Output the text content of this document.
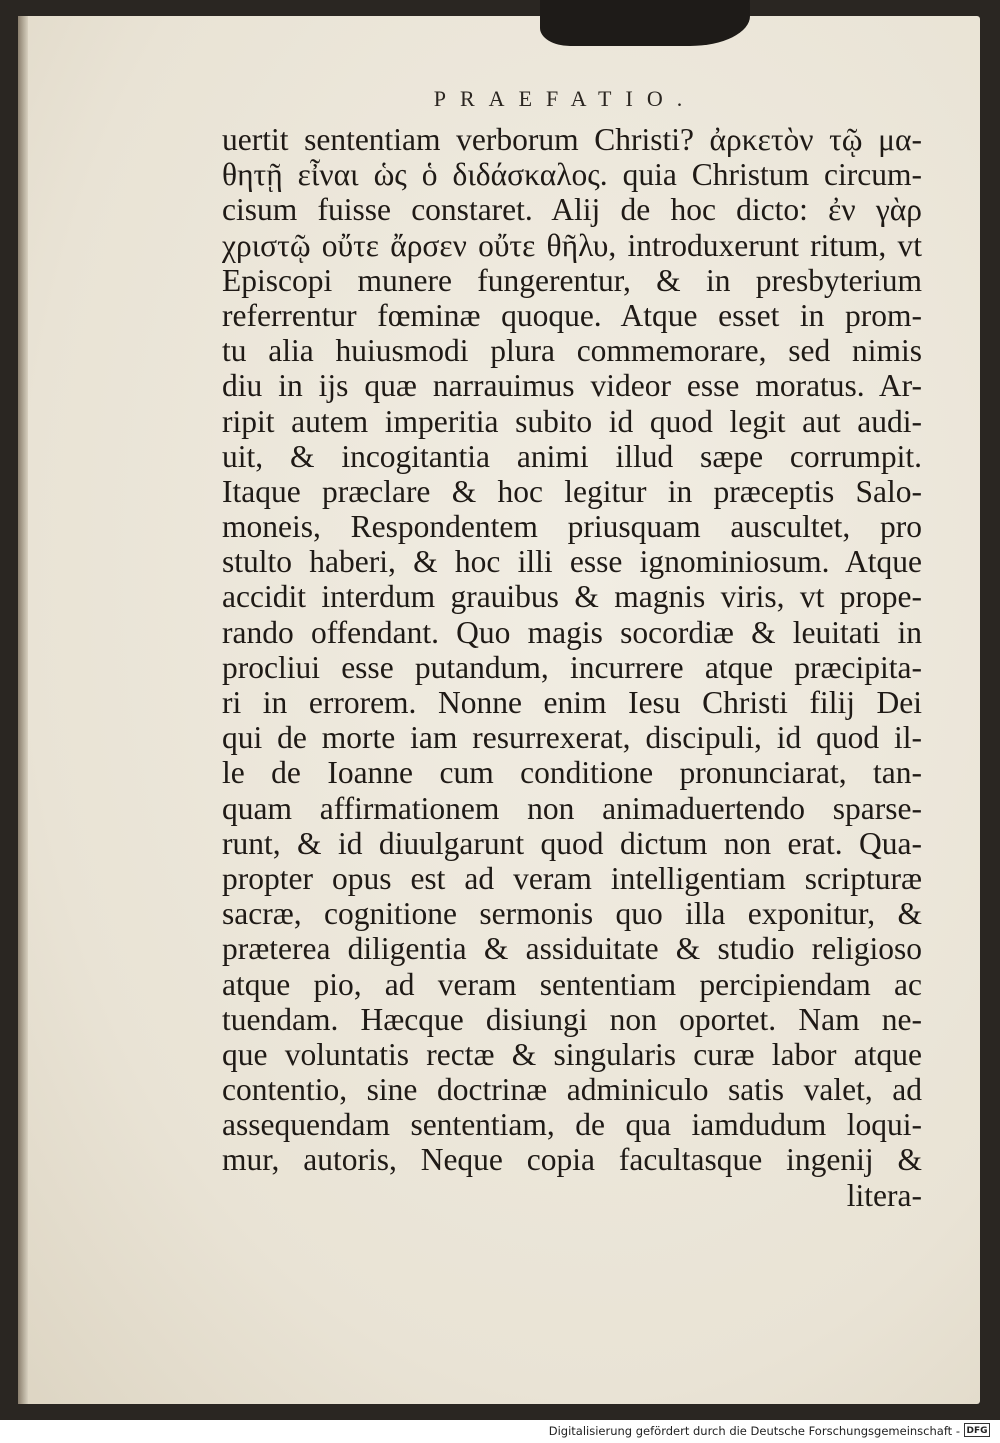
PRAEFATIO.
uertit sententiam verborum Christi? ἀρκετὸν τῷ μα-
θητῇ εἶναι ὡς ὁ διδάσκαλος. quia Christum circum-
cisum fuisse constaret. Alij de hoc dicto: ἐν γὰρ
χριστῷ οὔτε ἄρσεν οὔτε θῆλυ, introduxerunt ritum, vt
Episcopi munere fungerentur, & in presbyterium
referrentur fœminæ quoque. Atque esset in prom-
tu alia huiusmodi plura commemorare, sed nimis
diu in ijs quæ narrauimus videor esse moratus. Ar-
ripit autem imperitia subito id quod legit aut audi-
uit, & incogitantia animi illud sæpe corrumpit.
Itaque præclare & hoc legitur in præceptis Salo-
moneis, Respondentem priusquam auscultet, pro
stulto haberi, & hoc illi esse ignominiosum. Atque
accidit interdum grauibus & magnis viris, vt prope-
rando offendant. Quo magis socordiæ & leuitati in
procliui esse putandum, incurrere atque præcipita-
ri in errorem. Nonne enim Iesu Christi filij Dei
qui de morte iam resurrexerat, discipuli, id quod il-
le de Ioanne cum conditione pronunciarat, tan-
quam affirmationem non animaduertendo sparse-
runt, & id diuulgarunt quod dictum non erat. Qua-
propter opus est ad veram intelligentiam scripturæ
sacræ, cognitione sermonis quo illa exponitur, &
præterea diligentia & assiduitate & studio religioso
atque pio, ad veram sententiam percipiendam ac
tuendam. Hæcque disiungi non oportet. Nam ne-
que voluntatis rectæ & singularis curæ labor atque
contentio, sine doctrinæ adminiculo satis valet, ad
assequendam sententiam, de qua iamdudum loqui-
mur, autoris, Neque copia facultasque ingenij &
litera-
Digitalisierung gefördert durch die Deutsche Forschungsgemeinschaft - DFG
